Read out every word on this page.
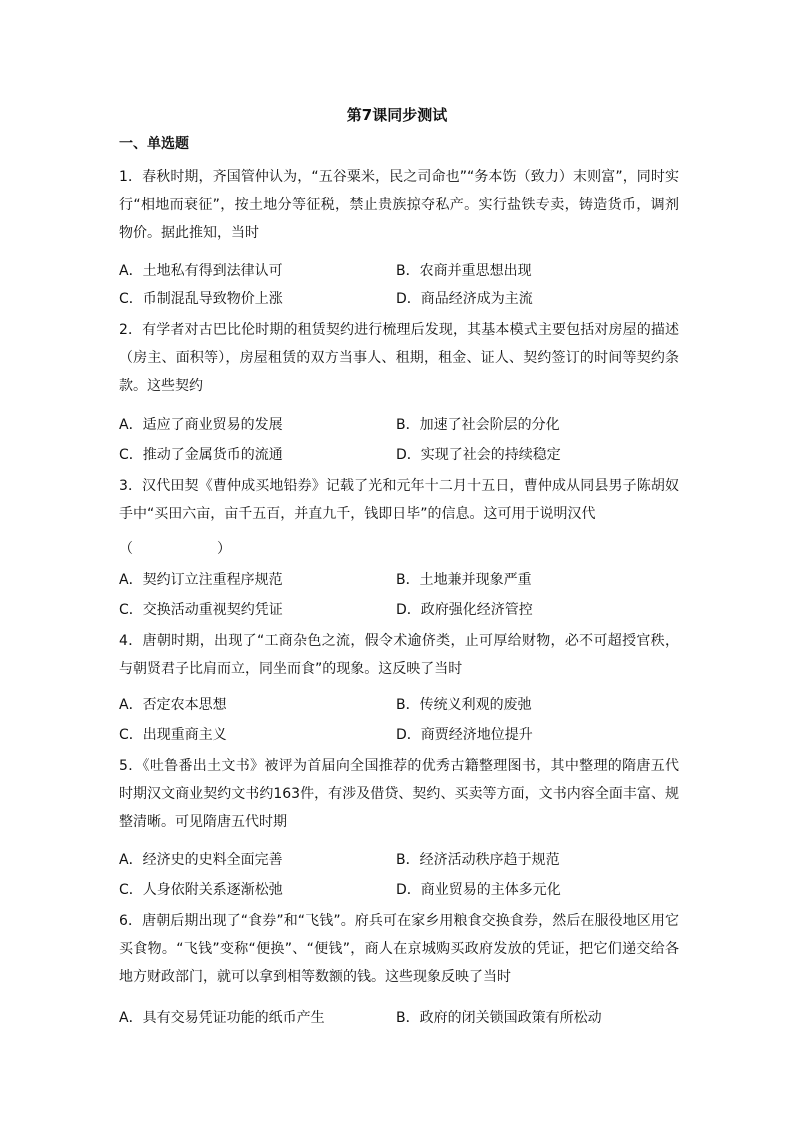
第7课同步测试
一、单选题
1．春秋时期，齐国管仲认为，“五谷粟米，民之司命也”“务本饬（致力）末则富”，同时实行“相地而衰征”，按土地分等征税，禁止贵族掠夺私产。实行盐铁专卖，铸造货币，调剂物价。据此推知，当时
A．土地私有得到法律认可	B．农商并重思想出现
C．币制混乱导致物价上涨	D．商品经济成为主流
2．有学者对古巴比伦时期的租赁契约进行梳理后发现，其基本模式主要包括对房屋的描述（房主、面积等），房屋租赁的双方当事人、租期，租金、证人、契约签订的时间等契约条款。这些契约
A．适应了商业贸易的发展	B．加速了社会阶层的分化
C．推动了金属货币的流通	D．实现了社会的持续稳定
3．汉代田契《曹仲成买地铅券》记载了光和元年十二月十五日，曹仲成从同县男子陈胡奴手中“买田六亩，亩千五百，并直九千，钱即日毕”的信息。这可用于说明汉代
（　　　　　　）
A．契约订立注重程序规范	B．土地兼并现象严重
C．交换活动重视契约凭证	D．政府强化经济管控
4．唐朝时期，出现了“工商杂色之流，假令术逾侪类，止可厚给财物，必不可超授官秩，与朝贤君子比肩而立，同坐而食”的现象。这反映了当时
A．否定农本思想	B．传统义利观的废弛
C．出现重商主义	D．商贾经济地位提升
5．《吐鲁番出土文书》被评为首届向全国推荐的优秀古籍整理图书，其中整理的隋唐五代时期汉文商业契约文书约163件，有涉及借贷、契约、买卖等方面，文书内容全面丰富、规整清晰。可见隋唐五代时期
A．经济史的史料全面完善	B．经济活动秩序趋于规范
C．人身依附关系逐渐松弛	D．商业贸易的主体多元化
6．唐朝后期出现了“食券”和“飞钱”。府兵可在家乡用粮食交换食券，然后在服役地区用它买食物。“飞钱”变称“便换”、“便钱”，商人在京城购买政府发放的凭证，把它们递交给各地方财政部门，就可以拿到相等数额的钱。这些现象反映了当时
A．具有交易凭证功能的纸币产生	B．政府的闭关锁国政策有所松动
